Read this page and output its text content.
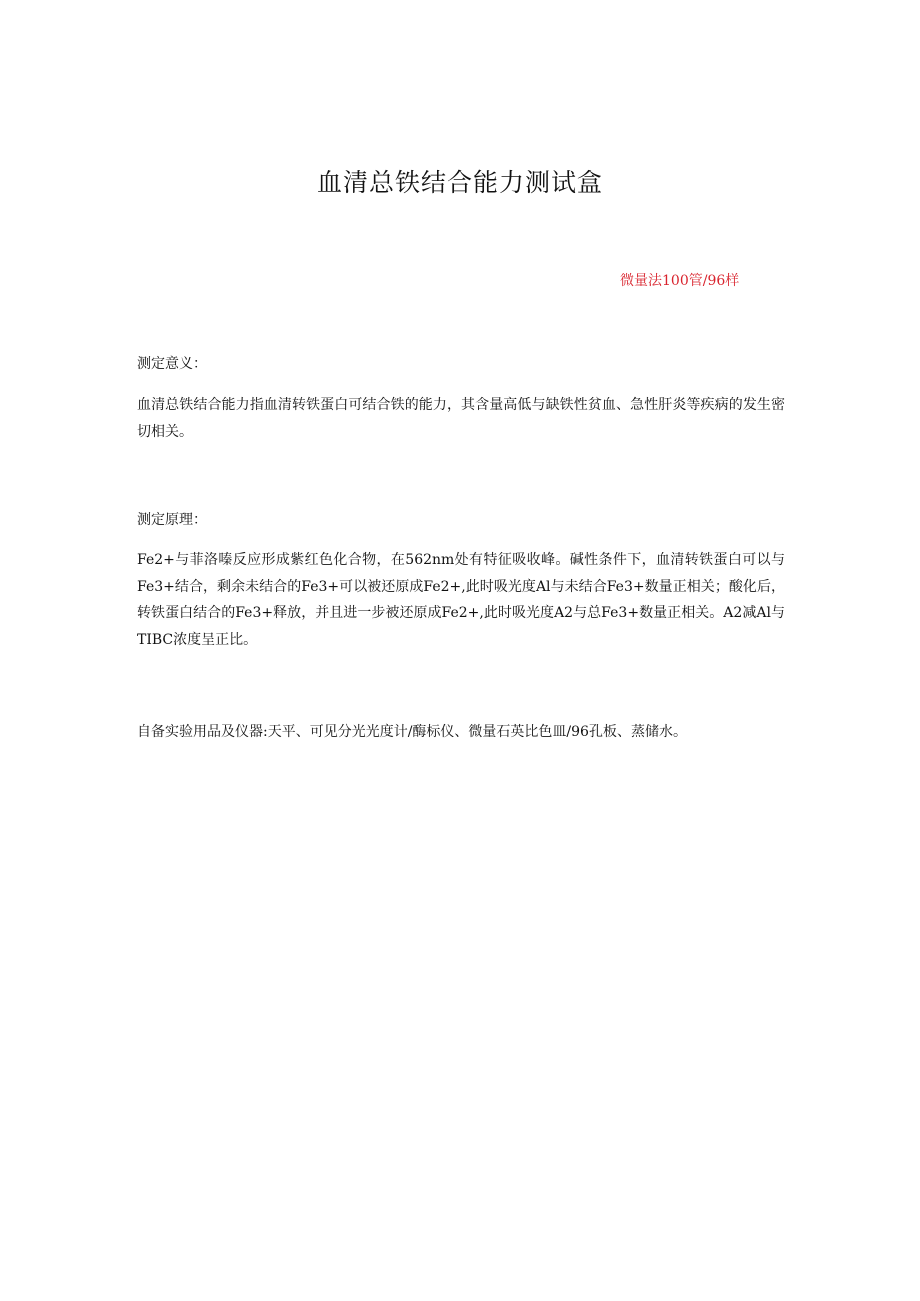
血清总铁结合能力测试盒
微量法100管/96样
测定意义：
血清总铁结合能力指血清转铁蛋白可结合铁的能力，其含量高低与缺铁性贫血、急性肝炎等疾病的发生密切相关。
测定原理：
Fe2+与菲洛嗪反应形成紫红色化合物，在562nm处有特征吸收峰。碱性条件下，血清转铁蛋白可以与Fe3+结合，剩余未结合的Fe3+可以被还原成Fe2+,此时吸光度Al与未结合Fe3+数量正相关；酸化后，转铁蛋白结合的Fe3+释放，并且进一步被还原成Fe2+,此时吸光度A2与总Fe3+数量正相关。A2减Al与TIBC浓度呈正比。
自备实验用品及仪器:天平、可见分光光度计/酶标仪、微量石英比色皿/96孔板、蒸储水。
